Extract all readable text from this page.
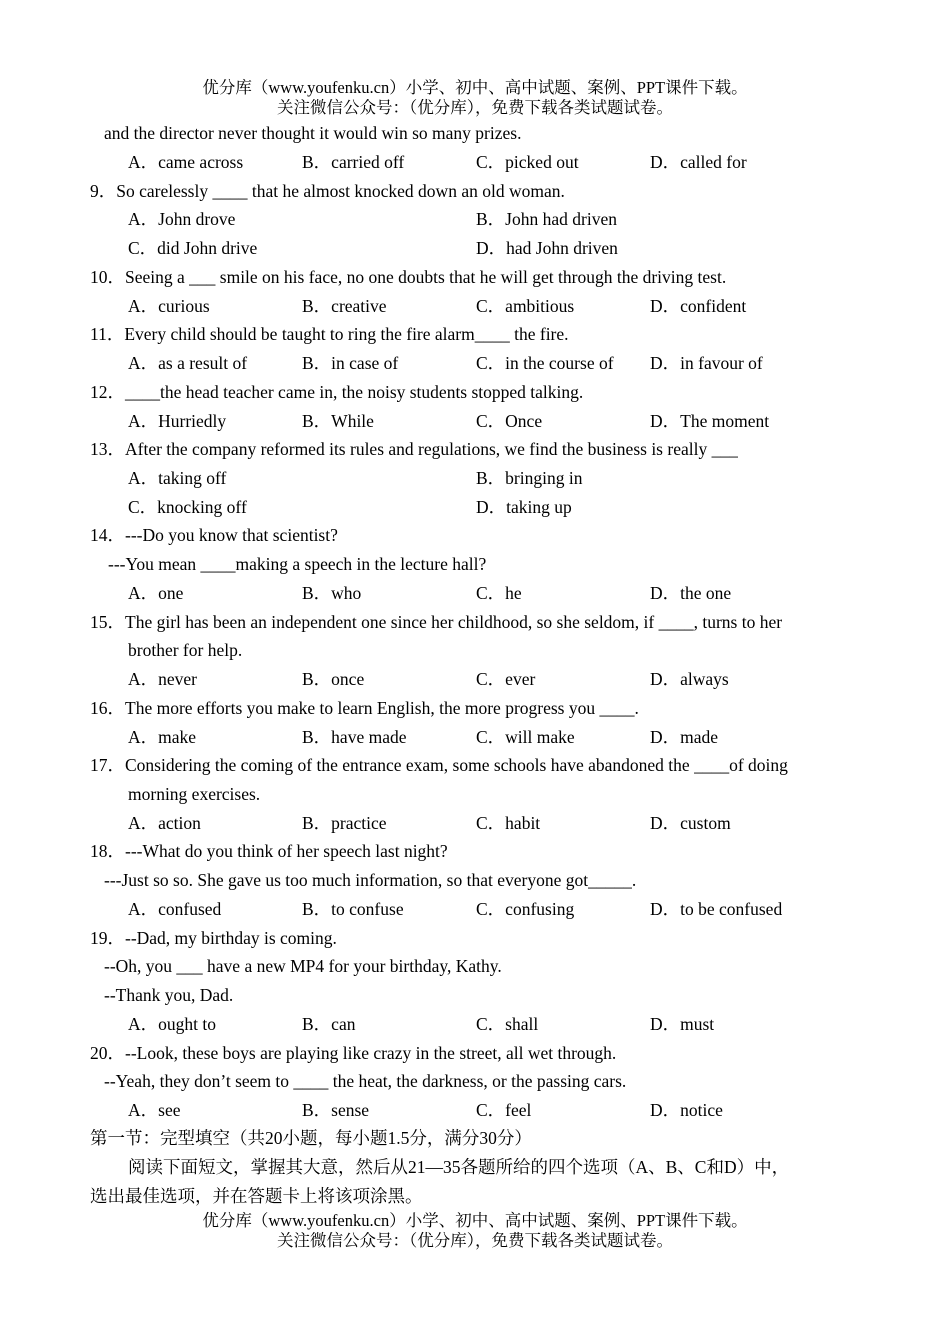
优分库（www.youfenku.cn）小学、初中、高中试题、案例、PPT课件下载。
关注微信公众号：（优分库），免费下载各类试题试卷。
and the director never thought it would win so many prizes.
A．came across	B．carried off	C．picked out	D．called for
9．So carelessly ____ that he almost knocked down an old woman.
A．John drove	B．John had driven
C．did John drive	D．had John driven
10．Seeing a ___ smile on his face, no one doubts that he will get through the driving test.
A．curious	B．creative	C．ambitious	D．confident
11．Every child should be taught to ring the fire alarm____ the fire.
A．as a result of	B．in case of	C．in the course of D．in favour of
12．____the head teacher came in, the noisy students stopped talking.
A．Hurriedly	B．While	C．Once	D．The moment
13．After the company reformed its rules and regulations, we find the business is really ___
A．taking off	B．bringing in
C．knocking off	D．taking up
14．---Do you know that scientist?
---You mean ____making a speech in the lecture hall?
A．one	B．who	C．he	D．the one
15．The girl has been an independent one since her childhood, so she seldom, if ____, turns to her
brother for help.
A．never	B．once	C．ever	D．always
16．The more efforts you make to learn English, the more progress you ____.
A．make	B．have made	C．will make	D．made
17．Considering the coming of the entrance exam, some schools have abandoned the ____of doing
morning exercises.
A．action	B．practice	C．habit	D．custom
18．---What do you think of her speech last night?
---Just so so. She gave us too much information, so that everyone got_____.
A．confused	B．to confuse	C．confusing	D．to be confused
19．--Dad, my birthday is coming.
--Oh, you ___ have a new MP4 for your birthday, Kathy.
--Thank you, Dad.
A．ought to	B．can	C．shall	D．must
20．--Look, these boys are playing like crazy in the street, all wet through.
--Yeah, they don’t seem to ____ the heat, the darkness, or the passing cars.
A．see	B．sense	C．feel	D．notice
第一节：完型填空（共20小题，每小题1.5分，满分30分）
阅读下面短文，掌握其大意，然后从21—35各题所给的四个选项（A、B、C和D）中，
选出最佳选项，并在答题卡上将该项涂黑。
优分库（www.youfenku.cn）小学、初中、高中试题、案例、PPT课件下载。
关注微信公众号：（优分库），免费下载各类试题试卷。
